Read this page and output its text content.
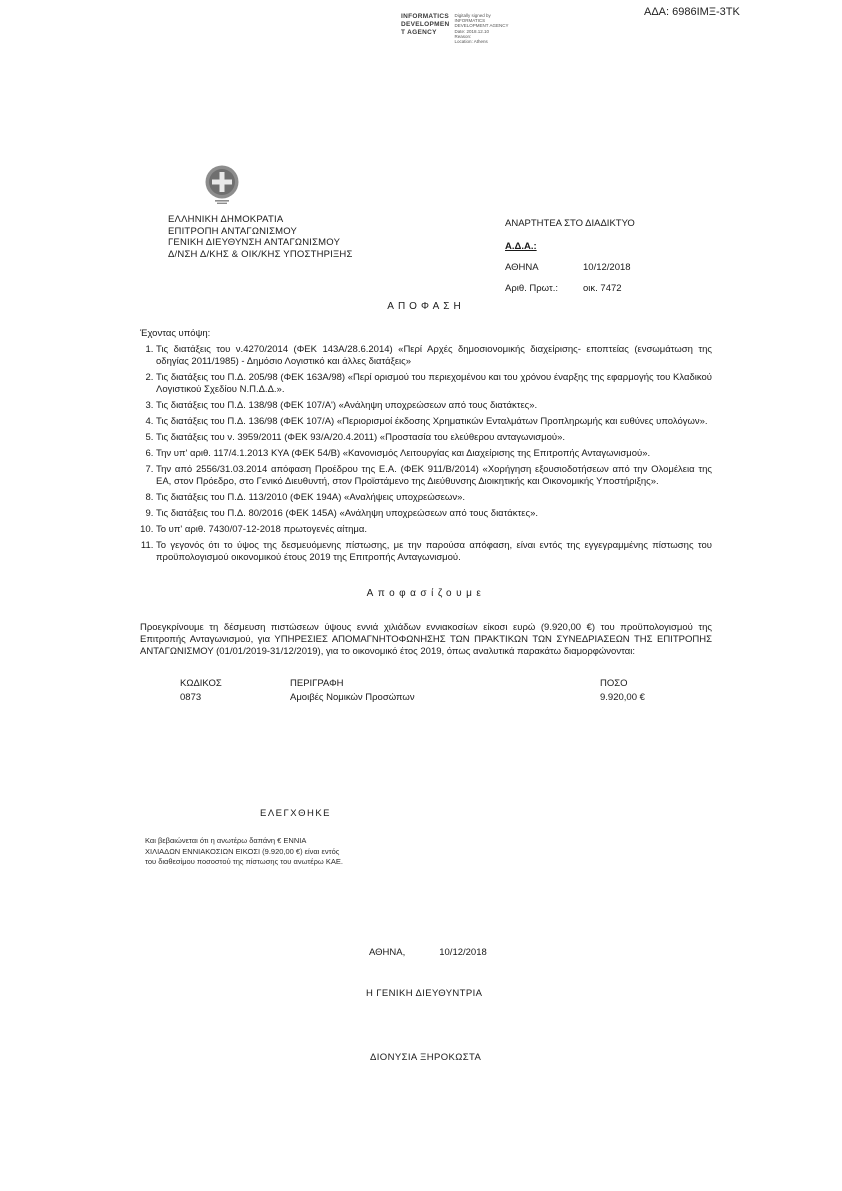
ΑΔΑ: 6986ΙΜΞ-3ΤΚ
INFORMATICS
DEVELOPMEN
T AGENCY
Digitally signed by
INFORMATICS
DEVELOPMENT AGENCY
Date: 2018.12.10
Reason:
Location: Athens
ΕΛΛΗΝΙΚΗ ΔΗΜΟΚΡΑΤΙΑ
ΕΠΙΤΡΟΠΗ ΑΝΤΑΓΩΝΙΣΜΟΥ
ΓΕΝΙΚΗ ΔΙΕΥΘΥΝΣΗ ΑΝΤΑΓΩΝΙΣΜΟΥ
Δ/ΝΣΗ Δ/ΚΗΣ & ΟΙΚ/ΚΗΣ ΥΠΟΣΤΗΡΙΞΗΣ
ΑΝΑΡΤΗΤΕΑ ΣΤΟ ΔΙΑΔΙΚΤΥΟ
Α.Δ.Α.:
ΑΘΗΝΑ	10/12/2018
Αριθ. Πρωτ.:	οικ. 7472
ΑΠΟΦΑΣΗ
Έχοντας υπόψη:
1. Τις διατάξεις του ν.4270/2014 (ΦΕΚ 143Α/28.6.2014) «Περί Αρχές δημοσιονομικής διαχείρισης- εποπτείας (ενσωμάτωση της οδηγίας 2011/1985) - Δημόσιο Λογιστικό και άλλες διατάξεις»
2. Τις διατάξεις του Π.Δ. 205/98 (ΦΕΚ 163Α/98) «Περί ορισμού του περιεχομένου και του χρόνου έναρξης της εφαρμογής του Κλαδικού Λογιστικού Σχεδίου Ν.Π.Δ.Δ.».
3. Τις διατάξεις του Π.Δ. 138/98 (ΦΕΚ 107/Α') «Ανάληψη υποχρεώσεων από τους διατάκτες».
4. Τις διατάξεις του Π.Δ. 136/98 (ΦΕΚ 107/Α) «Περιορισμοί έκδοσης Χρηματικών Ενταλμάτων Προπληρωμής και ευθύνες υπολόγων».
5. Τις διατάξεις του ν. 3959/2011 (ΦΕΚ 93/Α/20.4.2011) «Προστασία του ελεύθερου ανταγωνισμού».
6. Την υπ' αριθ. 117/4.1.2013 ΚΥΑ (ΦΕΚ 54/Β) «Κανονισμός Λειτουργίας και Διαχείρισης της Επιτροπής Ανταγωνισμού».
7. Την από 2556/31.03.2014 απόφαση Προέδρου της Ε.Α. (ΦΕΚ 911/Β/2014) «Χορήγηση εξουσιοδοτήσεων από την Ολομέλεια της ΕΑ, στον Πρόεδρο, στο Γενικό Διευθυντή, στον Προϊστάμενο της Διεύθυνσης Διοικητικής και Οικονομικής Υποστήριξης».
8. Τις διατάξεις του Π.Δ. 113/2010 (ΦΕΚ 194Α) «Αναλήψεις υποχρεώσεων».
9. Τις διατάξεις του Π.Δ. 80/2016 (ΦΕΚ 145Α) «Ανάληψη υποχρεώσεων από τους διατάκτες».
10. Το υπ' αριθ. 7430/07-12-2018 πρωτογενές αίτημα.
11. Το γεγονός ότι το ύψος της δεσμευόμενης πίστωσης, με την παρούσα απόφαση, είναι εντός της εγγεγραμμένης πίστωσης του προϋπολογισμού οικονομικού έτους 2019 της Επιτροπής Ανταγωνισμού.
Αποφασίζουμε
Προεγκρίνουμε τη δέσμευση πιστώσεων ύψους εννιά χιλιάδων εννιακοσίων είκοσι ευρώ (9.920,00 €) του προϋπολογισμού της Επιτροπής Ανταγωνισμού, για ΥΠΗΡΕΣΙΕΣ ΑΠΟΜΑΓΝΗΤΟΦΩΝΗΣΗΣ ΤΩΝ ΠΡΑΚΤΙΚΩΝ ΤΩΝ ΣΥΝΕΔΡΙΑΣΕΩΝ ΤΗΣ ΕΠΙΤΡΟΠΗΣ ΑΝΤΑΓΩΝΙΣΜΟΥ (01/01/2019-31/12/2019), για το οικονομικό έτος 2019, όπως αναλυτικά παρακάτω διαμορφώνονται:
ΚΩΔΙΚΟΣ	ΠΕΡΙΓΡΑΦΗ	ΠΟΣΟ
0873	Αμοιβές Νομικών Προσώπων	9.920,00 €
ΕΛΕΓΧΘΗΚΕ
Και βεβαιώνεται ότι η ανωτέρω δαπάνη € ΕΝΝΙΑ ΧΙΛΙΑΔΩΝ ΕΝΝΙΑΚΟΣΙΩΝ ΕΙΚΟΣΙ (9.920,00 €) είναι εντός του διαθεσίμου ποσοστού της πίστωσης του ανωτέρω ΚΑΕ.
ΑΘΗΝΑ,	10/12/2018
Η ΓΕΝΙΚΗ ΔΙΕΥΘΥΝΤΡΙΑ
ΔΙΟΝΥΣΙΑ ΞΗΡΟΚΩΣΤΑ
